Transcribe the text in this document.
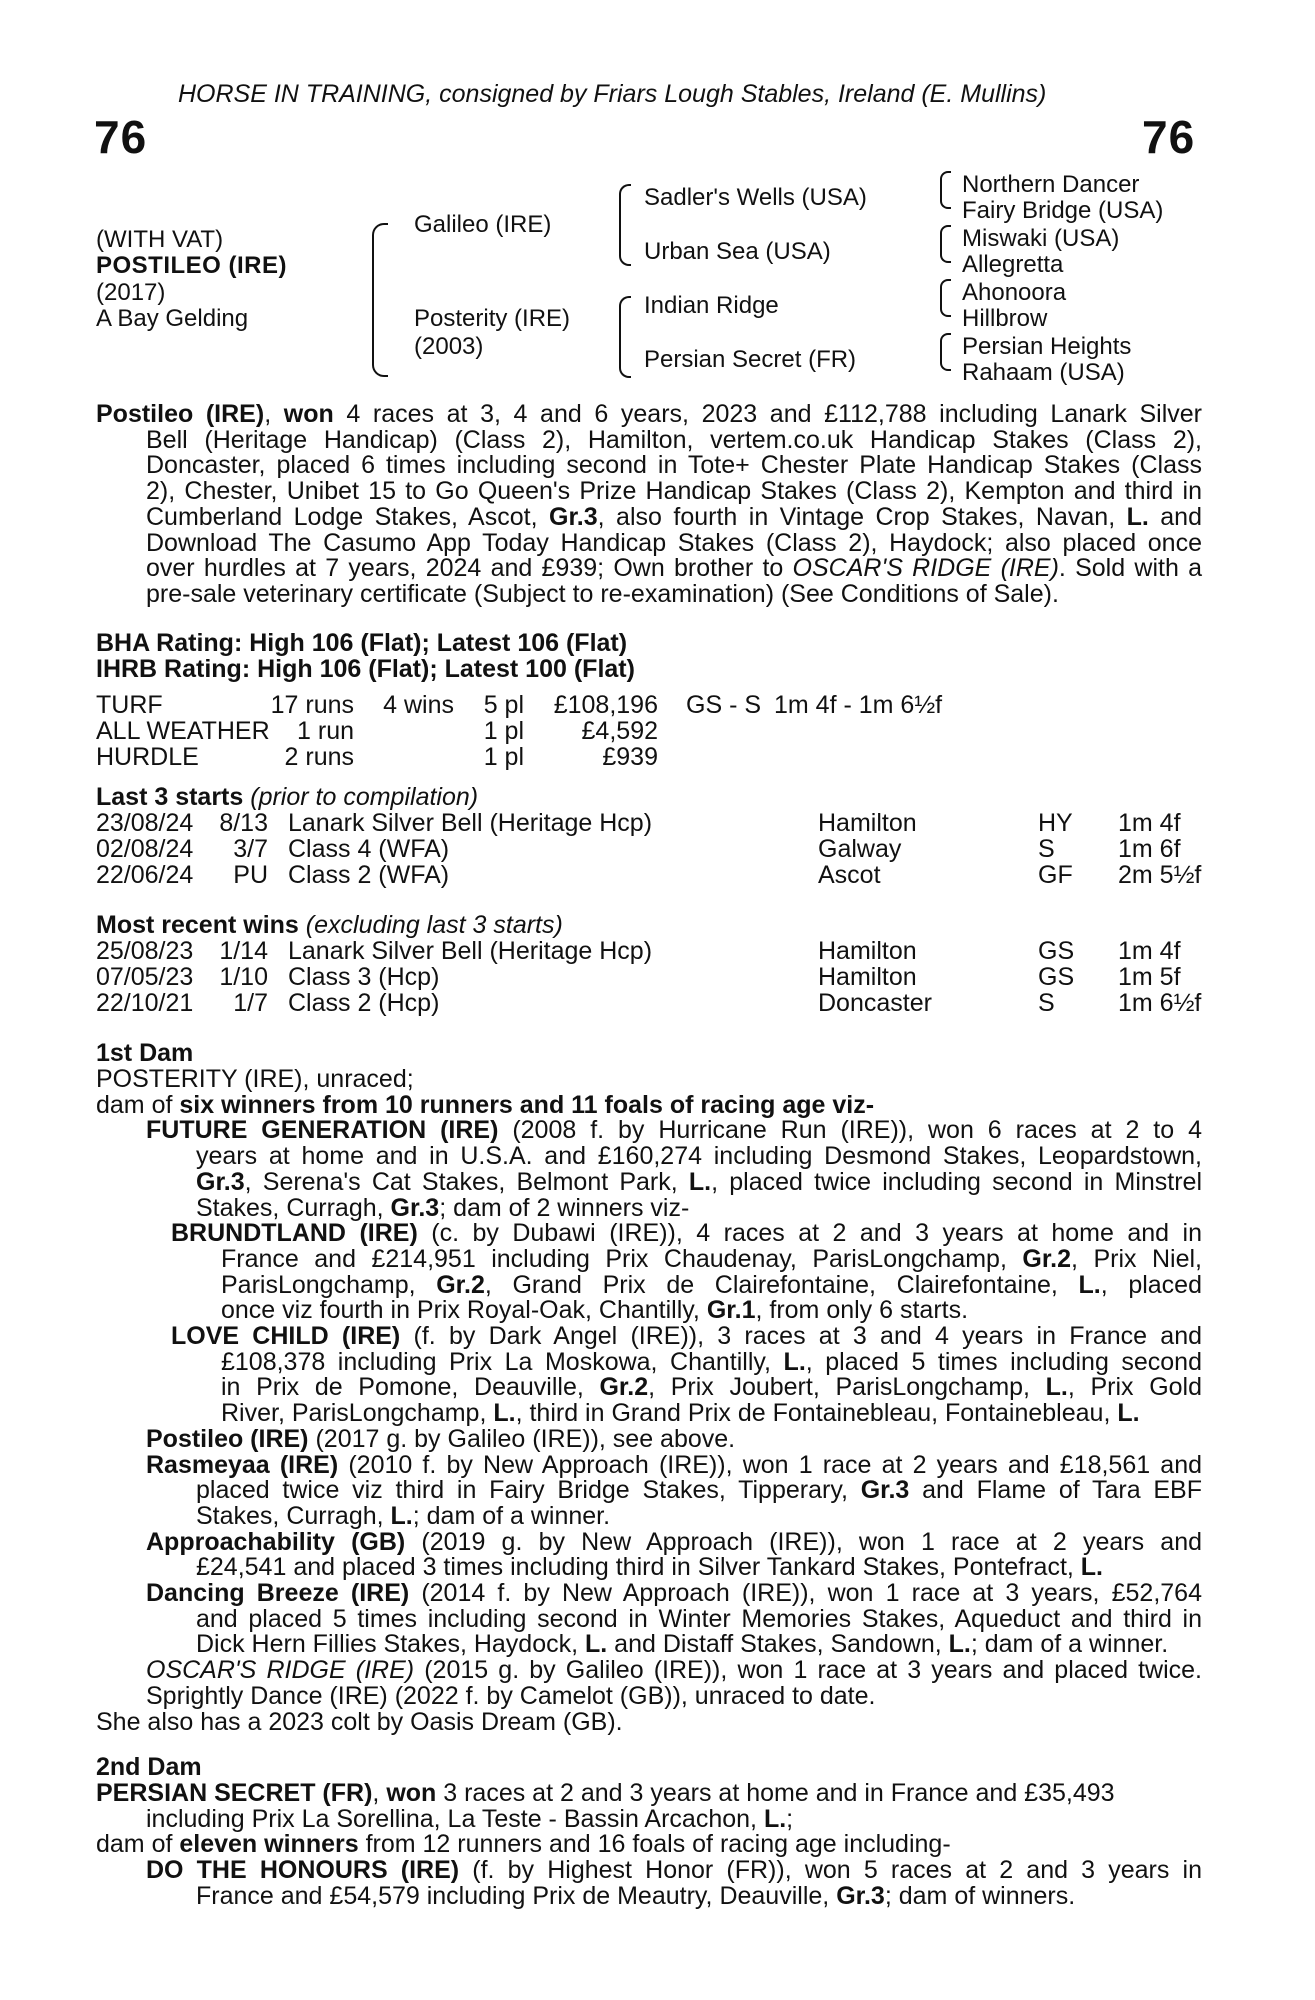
HORSE IN TRAINING, consigned by Friars Lough Stables, Ireland (E. Mullins)
76	76
(WITH VAT)
POSTILEO (IRE)
(2017)
A Bay Gelding
Galileo (IRE)
Posterity (IRE)
(2003)
Sadler's Wells (USA)
Urban Sea (USA)
Indian Ridge
Persian Secret (FR)
Northern Dancer
Fairy Bridge (USA)
Miswaki (USA)
Allegretta
Ahonoora
Hillbrow
Persian Heights
Rahaam (USA)
Postileo (IRE), won 4 races at 3, 4 and 6 years, 2023 and £112,788 including Lanark Silver
Bell (Heritage Handicap) (Class 2), Hamilton, vertem.co.uk Handicap Stakes (Class 2),
Doncaster, placed 6 times including second in Tote+ Chester Plate Handicap Stakes (Class
2), Chester, Unibet 15 to Go Queen's Prize Handicap Stakes (Class 2), Kempton and third in
Cumberland Lodge Stakes, Ascot, Gr.3, also fourth in Vintage Crop Stakes, Navan, L. and
Download The Casumo App Today Handicap Stakes (Class 2), Haydock; also placed once
over hurdles at 7 years, 2024 and £939; Own brother to OSCAR'S RIDGE (IRE). Sold with a
pre-sale veterinary certificate (Subject to re-examination) (See Conditions of Sale).
BHA Rating: High 106 (Flat); Latest 106 (Flat)
IHRB Rating: High 106 (Flat); Latest 100 (Flat)
TURF	17 runs 4 wins 5 pl £108,196 GS - S 1m 4f - 1m 6½f
ALL WEATHER 1 run	1 pl £4,592
HURDLE	2 runs	1 pl	£939
Last 3 starts (prior to compilation)
23/08/24 8/13 Lanark Silver Bell (Heritage Hcp)	Hamilton	HY 1m 4f
02/08/24 3/7 Class 4 (WFA)	Galway	S	1m 6f
22/06/24 PU Class 2 (WFA)	Ascot	GF 2m 5½f
Most recent wins (excluding last 3 starts)
25/08/23 1/14 Lanark Silver Bell (Heritage Hcp)	Hamilton	GS 1m 4f
07/05/23 1/10 Class 3 (Hcp)	Hamilton	GS 1m 5f
22/10/21 1/7 Class 2 (Hcp)	Doncaster	S	1m 6½f
1st Dam
POSTERITY (IRE), unraced;
dam of six winners from 10 runners and 11 foals of racing age viz-
FUTURE GENERATION (IRE) (2008 f. by Hurricane Run (IRE)), won 6 races at 2 to 4
years at home and in U.S.A. and £160,274 including Desmond Stakes, Leopardstown,
Gr.3, Serena's Cat Stakes, Belmont Park, L., placed twice including second in Minstrel
Stakes, Curragh, Gr.3; dam of 2 winners viz-
BRUNDTLAND (IRE) (c. by Dubawi (IRE)), 4 races at 2 and 3 years at home and in
France and £214,951 including Prix Chaudenay, ParisLongchamp, Gr.2, Prix Niel,
ParisLongchamp, Gr.2, Grand Prix de Clairefontaine, Clairefontaine, L., placed
once viz fourth in Prix Royal-Oak, Chantilly, Gr.1, from only 6 starts.
LOVE CHILD (IRE) (f. by Dark Angel (IRE)), 3 races at 3 and 4 years in France and
£108,378 including Prix La Moskowa, Chantilly, L., placed 5 times including second
in Prix de Pomone, Deauville, Gr.2, Prix Joubert, ParisLongchamp, L., Prix Gold
River, ParisLongchamp, L., third in Grand Prix de Fontainebleau, Fontainebleau, L.
Postileo (IRE) (2017 g. by Galileo (IRE)), see above.
Rasmeyaa (IRE) (2010 f. by New Approach (IRE)), won 1 race at 2 years and £18,561 and
placed twice viz third in Fairy Bridge Stakes, Tipperary, Gr.3 and Flame of Tara EBF
Stakes, Curragh, L.; dam of a winner.
Approachability (GB) (2019 g. by New Approach (IRE)), won 1 race at 2 years and
£24,541 and placed 3 times including third in Silver Tankard Stakes, Pontefract, L.
Dancing Breeze (IRE) (2014 f. by New Approach (IRE)), won 1 race at 3 years, £52,764
and placed 5 times including second in Winter Memories Stakes, Aqueduct and third in
Dick Hern Fillies Stakes, Haydock, L. and Distaff Stakes, Sandown, L.; dam of a winner.
OSCAR'S RIDGE (IRE) (2015 g. by Galileo (IRE)), won 1 race at 3 years and placed twice.
Sprightly Dance (IRE) (2022 f. by Camelot (GB)), unraced to date.
She also has a 2023 colt by Oasis Dream (GB).
2nd Dam
PERSIAN SECRET (FR), won 3 races at 2 and 3 years at home and in France and £35,493
including Prix La Sorellina, La Teste - Bassin Arcachon, L.;
dam of eleven winners from 12 runners and 16 foals of racing age including-
DO THE HONOURS (IRE) (f. by Highest Honor (FR)), won 5 races at 2 and 3 years in
France and £54,579 including Prix de Meautry, Deauville, Gr.3; dam of winners.
